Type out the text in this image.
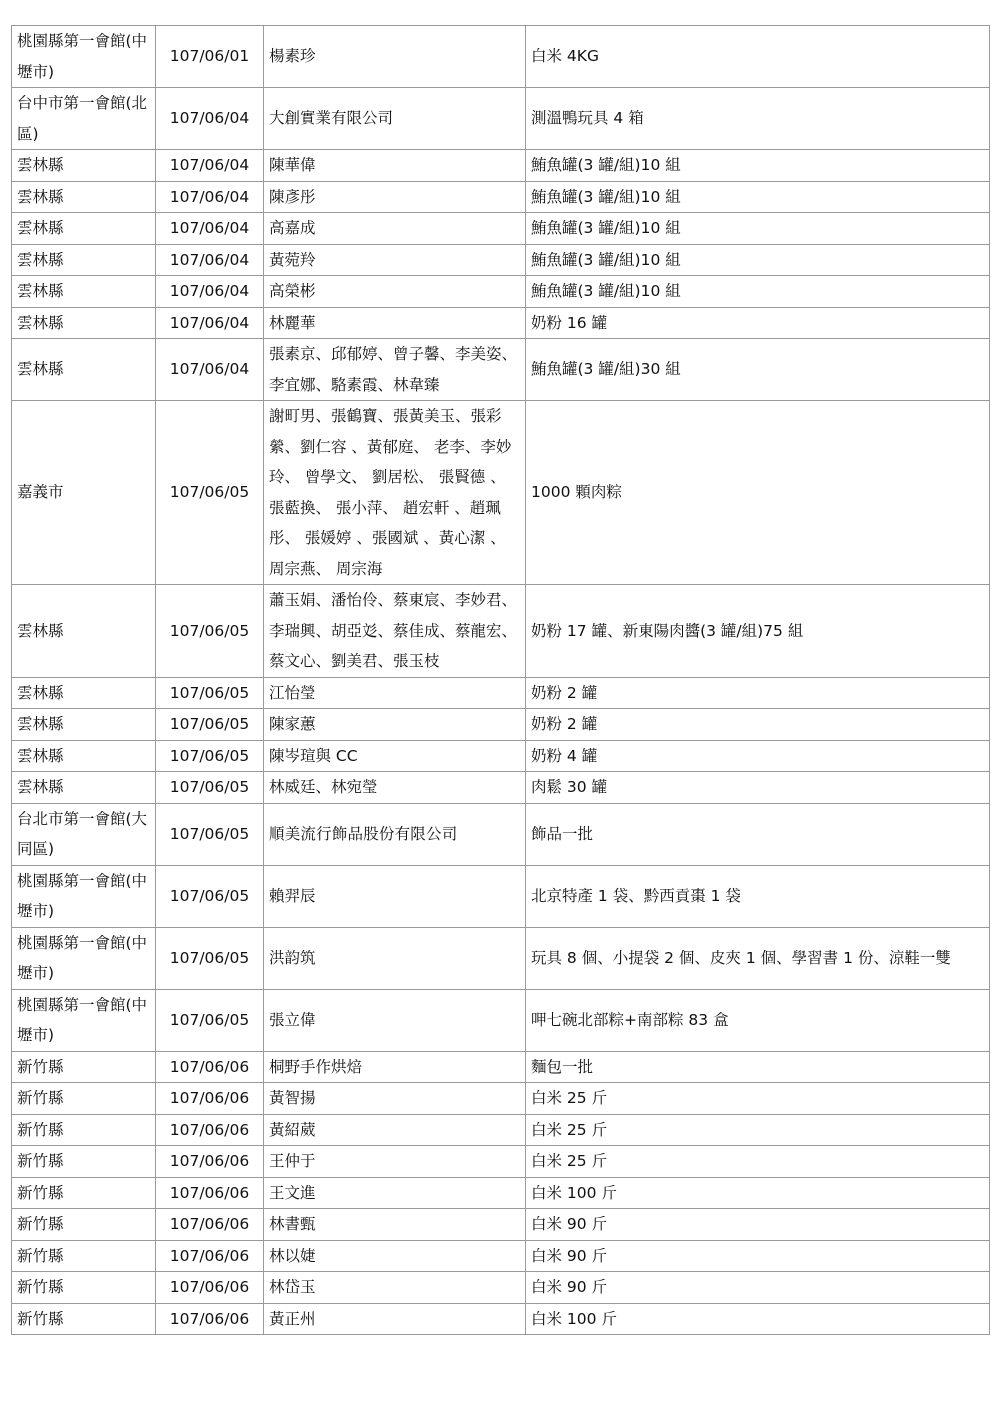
桃園縣第一會館(中壢市)	107/06/01	楊素珍	白米 4KG
台中市第一會館(北區)	107/06/04	大創實業有限公司	測溫鴨玩具 4 箱
雲林縣	107/06/04	陳華偉	鮪魚罐(3 罐/組)10 組
雲林縣	107/06/04	陳彥彤	鮪魚罐(3 罐/組)10 組
雲林縣	107/06/04	高嘉成	鮪魚罐(3 罐/組)10 組
雲林縣	107/06/04	黃菀羚	鮪魚罐(3 罐/組)10 組
雲林縣	107/06/04	高榮彬	鮪魚罐(3 罐/組)10 組
雲林縣	107/06/04	林麗華	奶粉 16 罐
雲林縣	107/06/04	張素京、邱郁婷、曾子馨、李美姿、李宜娜、駱素霞、林韋臻	鮪魚罐(3 罐/組)30 組
嘉義市	107/06/05	謝町男、張鶴寶、張黃美玉、張彩縈、劉仁容 、黃郁庭、 老李、李妙玲、 曾學文、 劉居松、 張賢德 、張藍換、 張小萍、 趙宏軒 、趙珮彤、 張媛婷 、張國斌 、黃心潔 、周宗燕、 周宗海	1000 顆肉粽
雲林縣	107/06/05	蕭玉娟、潘怡伶、蔡東宸、李妙君、李瑞興、胡亞彣、蔡佳成、蔡龍宏、蔡文心、劉美君、張玉枝	奶粉 17 罐、新東陽肉醬(3 罐/組)75 組
雲林縣	107/06/05	江怡瑩	奶粉 2 罐
雲林縣	107/06/05	陳家蕙	奶粉 2 罐
雲林縣	107/06/05	陳岑瑄與 CC	奶粉 4 罐
雲林縣	107/06/05	林威廷、林宛瑩	肉鬆 30 罐
台北市第一會館(大同區)	107/06/05	順美流行飾品股份有限公司	飾品一批
桃園縣第一會館(中壢市)	107/06/05	賴羿辰	北京特產 1 袋、黔西貢棗 1 袋
桃園縣第一會館(中壢市)	107/06/05	洪韵筑	玩具 8 個、小提袋 2 個、皮夾 1 個、學習書 1 份、涼鞋一雙
桃園縣第一會館(中壢市)	107/06/05	張立偉	呷七碗北部粽+南部粽 83 盒
新竹縣	107/06/06	桐野手作烘焙	麵包一批
新竹縣	107/06/06	黃智揚	白米 25 斤
新竹縣	107/06/06	黃紹葳	白米 25 斤
新竹縣	107/06/06	王仲于	白米 25 斤
新竹縣	107/06/06	王文進	白米 100 斤
新竹縣	107/06/06	林書甄	白米 90 斤
新竹縣	107/06/06	林以婕	白米 90 斤
新竹縣	107/06/06	林岱玉	白米 90 斤
新竹縣	107/06/06	黃正州	白米 100 斤
